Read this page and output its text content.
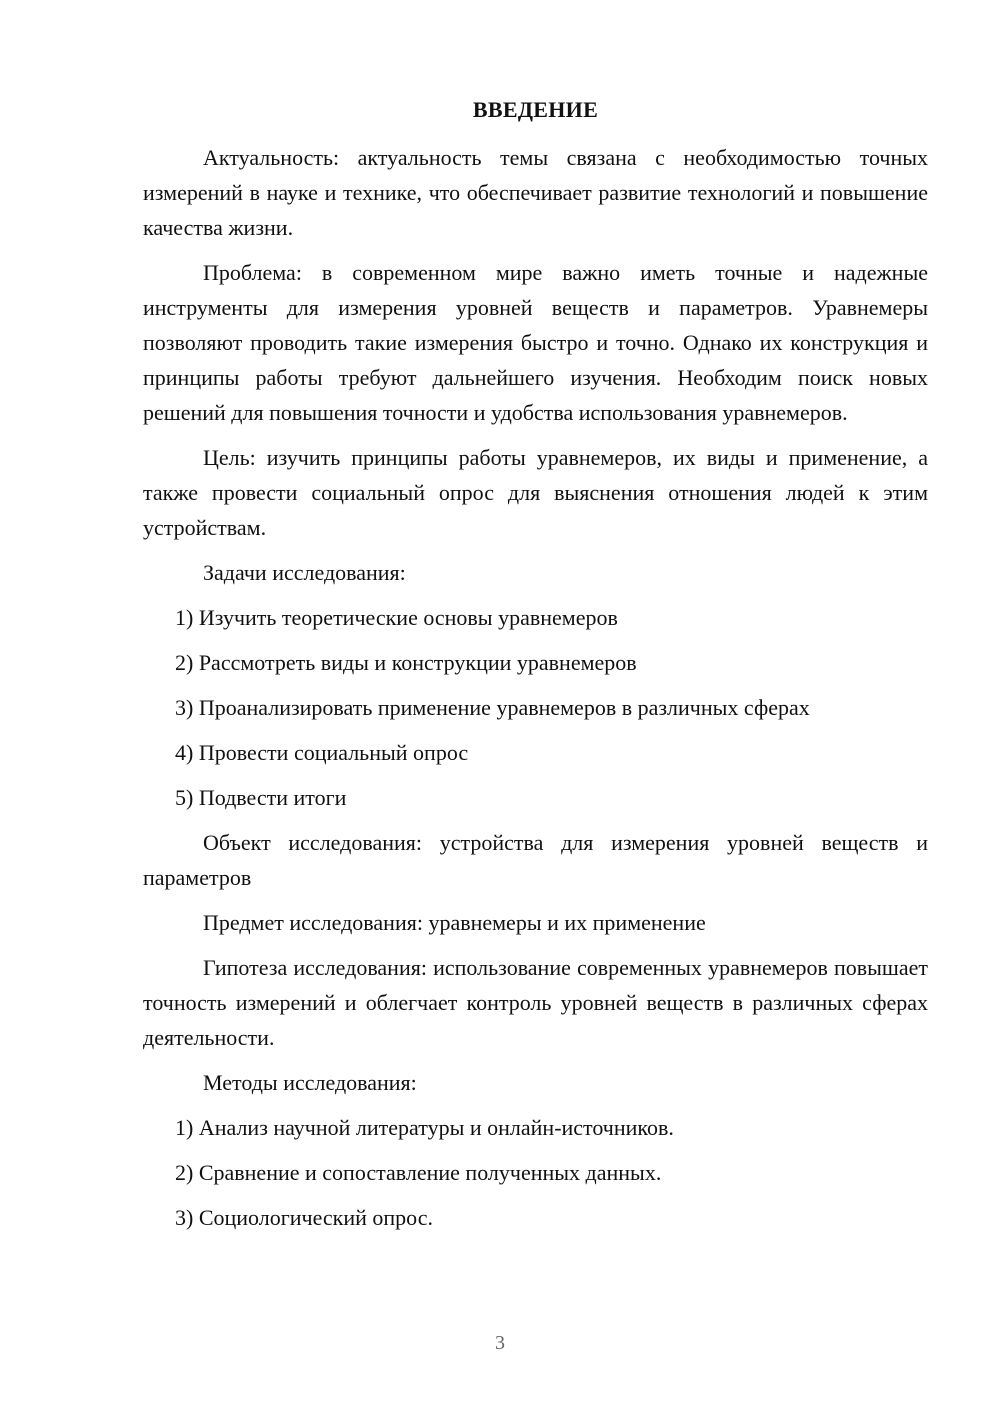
ВВЕДЕНИЕ
Актуальность: актуальность темы связана с необходимостью точных измерений в науке и технике, что обеспечивает развитие технологий и повышение качества жизни.
Проблема: в современном мире важно иметь точные и надежные инструменты для измерения уровней веществ и параметров. Уравнемеры позволяют проводить такие измерения быстро и точно. Однако их конструкция и принципы работы требуют дальнейшего изучения. Необходим поиск новых решений для повышения точности и удобства использования уравнемеров.
Цель: изучить принципы работы уравнемеров, их виды и применение, а также провести социальный опрос для выяснения отношения людей к этим устройствам.
Задачи исследования:
1) Изучить теоретические основы уравнемеров
2) Рассмотреть виды и конструкции уравнемеров
3) Проанализировать применение уравнемеров в различных сферах
4) Провести социальный опрос
5) Подвести итоги
Объект исследования: устройства для измерения уровней веществ и параметров
Предмет исследования: уравнемеры и их применение
Гипотеза исследования: использование современных уравнемеров повышает точность измерений и облегчает контроль уровней веществ в различных сферах деятельности.
Методы исследования:
1) Анализ научной литературы и онлайн-источников.
2) Сравнение и сопоставление полученных данных.
3) Социологический опрос.
3
